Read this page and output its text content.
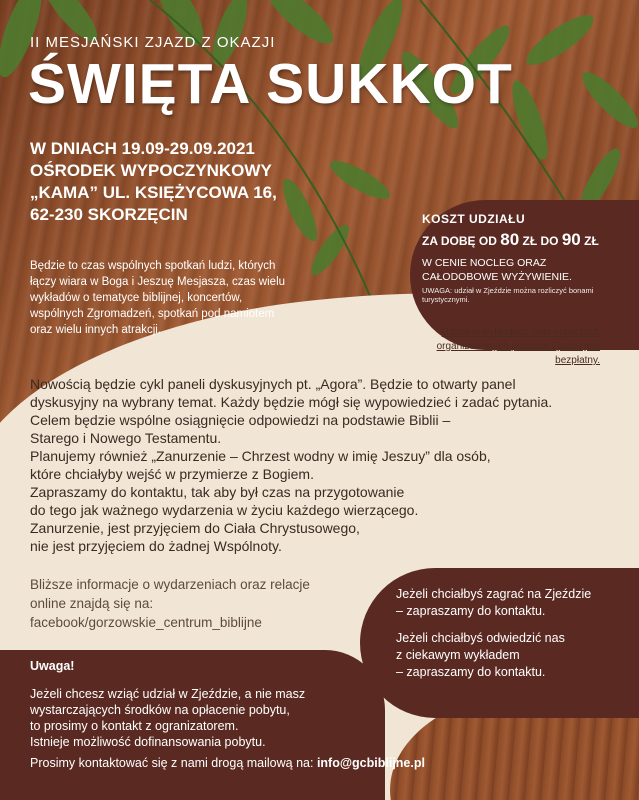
II MESJAŃSKI ZJAZD Z OKAZJI
ŚWIĘTA SUKKOT
W DNIACH 19.09-29.09.2021
OŚRODEK WYPOCZYNKOWY
„KAMA” UL. KSIĘŻYCOWA 16,
62-230 SKORZĘCIN
Będzie to czas wspólnych spotkań ludzi, których
łączy wiara w Boga i Jeszuę Mesjasza, czas wielu
wykładów o tematyce biblijnej, koncertów,
wspólnych Zgromadzeń, spotkań pod namiotem
oraz wielu innych atrakcji.
KOSZT UDZIAŁU
ZA DOBĘ OD 80 ZŁ DO 90 ZŁ
W CENIE NOCLEG ORAZ CAŁODOBOWE WYŻYWIENIE.
UWAGA: udział w Zjeździe można rozliczyć bonami turystycznymi.
Udział w wykładach oraz imprezach organizowanych podczas Zjazdu jest bezpłatny.
Nowością będzie cykl paneli dyskusyjnych pt. „Agora”. Będzie to otwarty panel
dyskusyjny na wybrany temat. Każdy będzie mógł się wypowiedzieć i zadać pytania.
Celem będzie wspólne osiągnięcie odpowiedzi na podstawie Biblii –
Starego i Nowego Testamentu.
Planujemy również „Zanurzenie – Chrzest wodny w imię Jeszuy” dla osób,
które chciałyby wejść w przymierze z Bogiem.
Zapraszamy do kontaktu, tak aby był czas na przygotowanie
do tego jak ważnego wydarzenia w życiu każdego wierzącego.
Zanurzenie, jest przyjęciem do Ciała Chrystusowego,
nie jest przyjęciem do żadnej Wspólnoty.
Bliższe informacje o wydarzeniach oraz relacje
online znajdą się na:
facebook/gorzowskie_centrum_biblijne

Jeżeli chciałbyś zagrać na Zjeździe
– zapraszamy do kontaktu.

Jeżeli chciałbyś odwiedzić nas
z ciekawym wykładem
– zapraszamy do kontaktu.

Uwaga!
Jeżeli chcesz wziąć udział w Zjeździe, a nie masz
wystarczających środków na opłacenie pobytu,
to prosimy o kontakt z ogranizatorem.
Istnieje możliwość dofinansowania pobytu.
Prosimy kontaktować się z nami drogą mailową na: info@gcbiblijne.pl
